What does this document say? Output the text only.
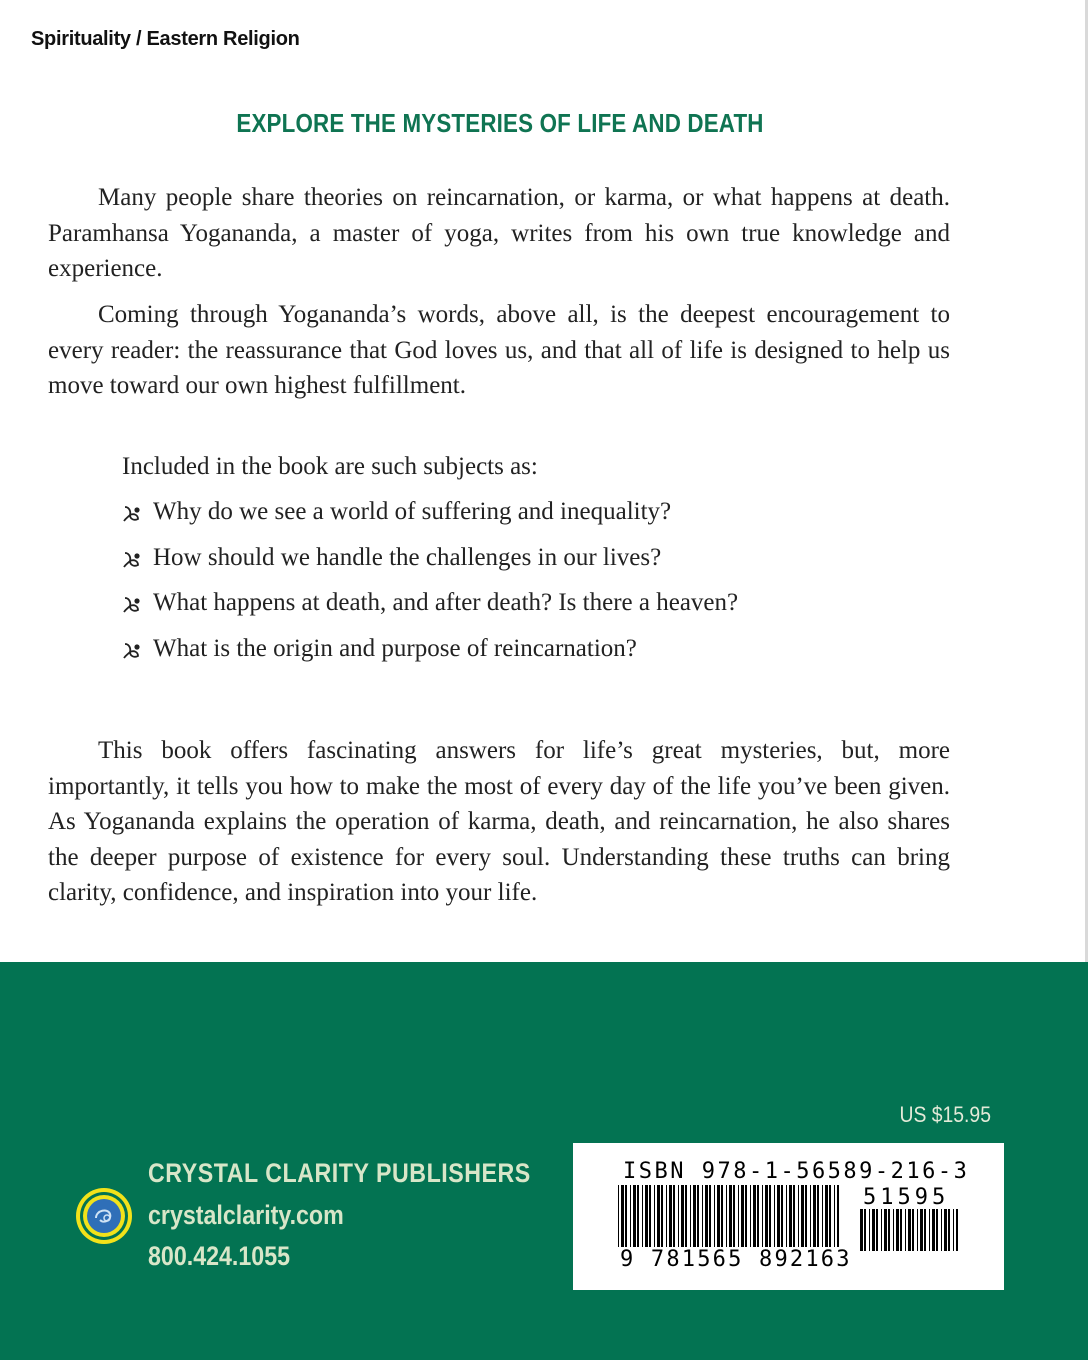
Spirituality / Eastern Religion
EXPLORE THE MYSTERIES OF LIFE AND DEATH

Many people share theories on reincarnation, or karma, or what happens at death. Paramhansa Yogananda, a master of yoga, writes from his own true knowledge and experience.

Coming through Yogananda’s words, above all, is the deepest encouragement to every reader: the reassurance that God loves us, and that all of life is designed to help us move toward our own highest fulfillment.

Included in the book are such subjects as:

Why do we see a world of suffering and inequality?
How should we handle the challenges in our lives?
What happens at death, and after death? Is there a heaven?
What is the origin and purpose of reincarnation?

This book offers fascinating answers for life’s great mysteries, but, more importantly, it tells you how to make the most of every day of the life you’ve been given. As Yogananda explains the operation of karma, death, and reincarnation, he also shares the deeper purpose of existence for every soul. Understanding these truths can bring clarity, confidence, and inspiration into your life.

US $15.95
CRYSTAL CLARITY PUBLISHERS
crystalclarity.com
800.424.1055
ISBN 978-1-56589-216-3
51595
9 781565 892163
